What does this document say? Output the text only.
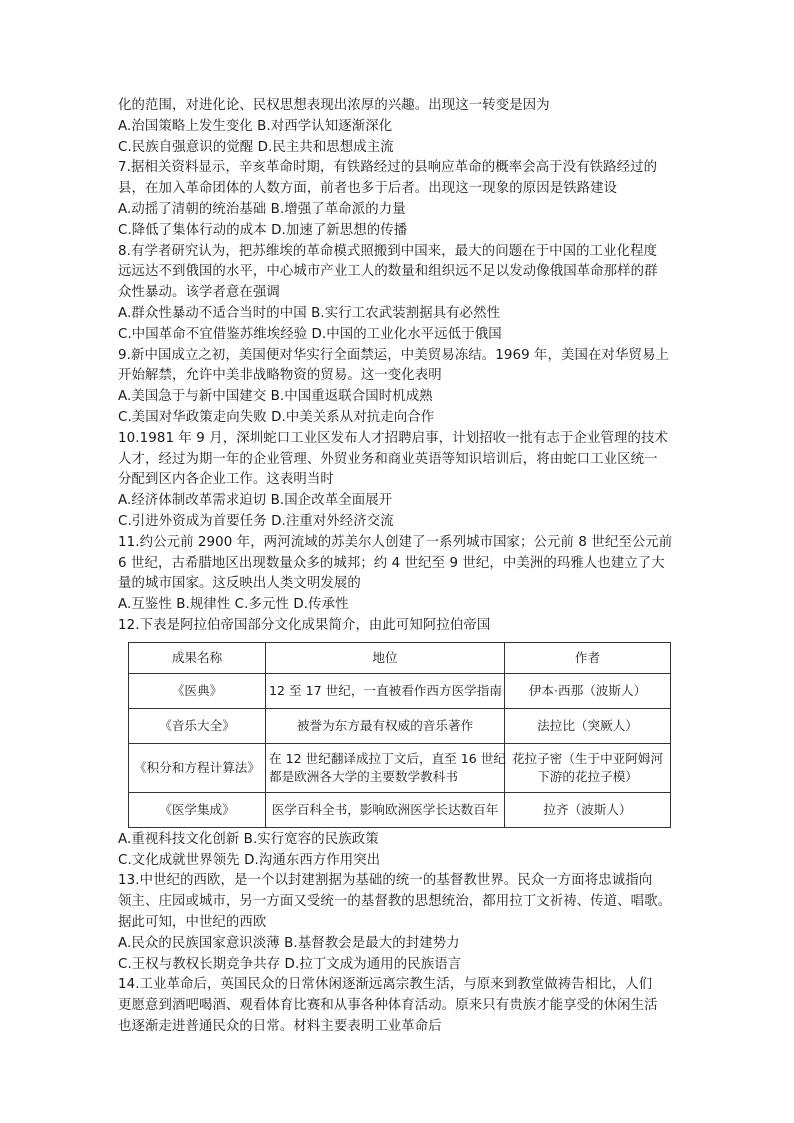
化的范围，对进化论、民权思想表现出浓厚的兴趣。出现这一转变是因为
A.治国策略上发生变化 B.对西学认知逐渐深化
C.民族自强意识的觉醒 D.民主共和思想成主流
7.据相关资料显示，辛亥革命时期，有铁路经过的县响应革命的概率会高于没有铁路经过的
县，在加入革命团体的人数方面，前者也多于后者。出现这一现象的原因是铁路建设
A.动摇了清朝的统治基础 B.增强了革命派的力量
C.降低了集体行动的成本 D.加速了新思想的传播
8.有学者研究认为，把苏维埃的革命模式照搬到中国来，最大的问题在于中国的工业化程度
远远达不到俄国的水平，中心城市产业工人的数量和组织远不足以发动像俄国革命那样的群
众性暴动。该学者意在强调
A.群众性暴动不适合当时的中国 B.实行工农武装割据具有必然性
C.中国革命不宜借鉴苏维埃经验 D.中国的工业化水平远低于俄国
9.新中国成立之初，美国便对华实行全面禁运，中美贸易冻结。1969 年，美国在对华贸易上
开始解禁，允许中美非战略物资的贸易。这一变化表明
A.美国急于与新中国建交 B.中国重返联合国时机成熟
C.美国对华政策走向失败 D.中美关系从对抗走向合作
10.1981 年 9 月，深圳蛇口工业区发布人才招聘启事，计划招收一批有志于企业管理的技术
人才，经过为期一年的企业管理、外贸业务和商业英语等知识培训后，将由蛇口工业区统一
分配到区内各企业工作。这表明当时
A.经济体制改革需求迫切 B.国企改革全面展开
C.引进外资成为首要任务 D.注重对外经济交流
11.约公元前 2900 年，两河流域的苏美尔人创建了一系列城市国家；公元前 8 世纪至公元前
6 世纪，古希腊地区出现数量众多的城邦；约 4 世纪至 9 世纪，中美洲的玛雅人也建立了大
量的城市国家。这反映出人类文明发展的
A.互鉴性 B.规律性 C.多元性 D.传承性
12.下表是阿拉伯帝国部分文化成果简介，由此可知阿拉伯帝国
成果名称	地位	作者
《医典》	12 至 17 世纪，一直被看作西方医学指南	伊本·西那（波斯人）

《音乐大全》	被誉为东方最有权威的音乐著作	法拉比（突厥人）

《积分和方程计算法》	在 12 世纪翻译成拉丁文后，直至 16 世纪
都是欧洲各大学的主要数学教科书	花拉子密（生于中亚阿姆河
下游的花拉子模）

《医学集成》	医学百科全书，影响欧洲医学长达数百年	拉齐（波斯人）
A.重视科技文化创新 B.实行宽容的民族政策
C.文化成就世界领先 D.沟通东西方作用突出
13.中世纪的西欧，是一个以封建割据为基础的统一的基督教世界。民众一方面将忠诚指向
领主、庄园或城市，另一方面又受统一的基督教的思想统治，都用拉丁文祈祷、传道、唱歌。
据此可知，中世纪的西欧
A.民众的民族国家意识淡薄 B.基督教会是最大的封建势力
C.王权与教权长期竞争共存 D.拉丁文成为通用的民族语言
14.工业革命后，英国民众的日常休闲逐渐远离宗教生活，与原来到教堂做祷告相比，人们
更愿意到酒吧喝酒、观看体育比赛和从事各种体育活动。原来只有贵族才能享受的休闲生活
也逐渐走进普通民众的日常。材料主要表明工业革命后
